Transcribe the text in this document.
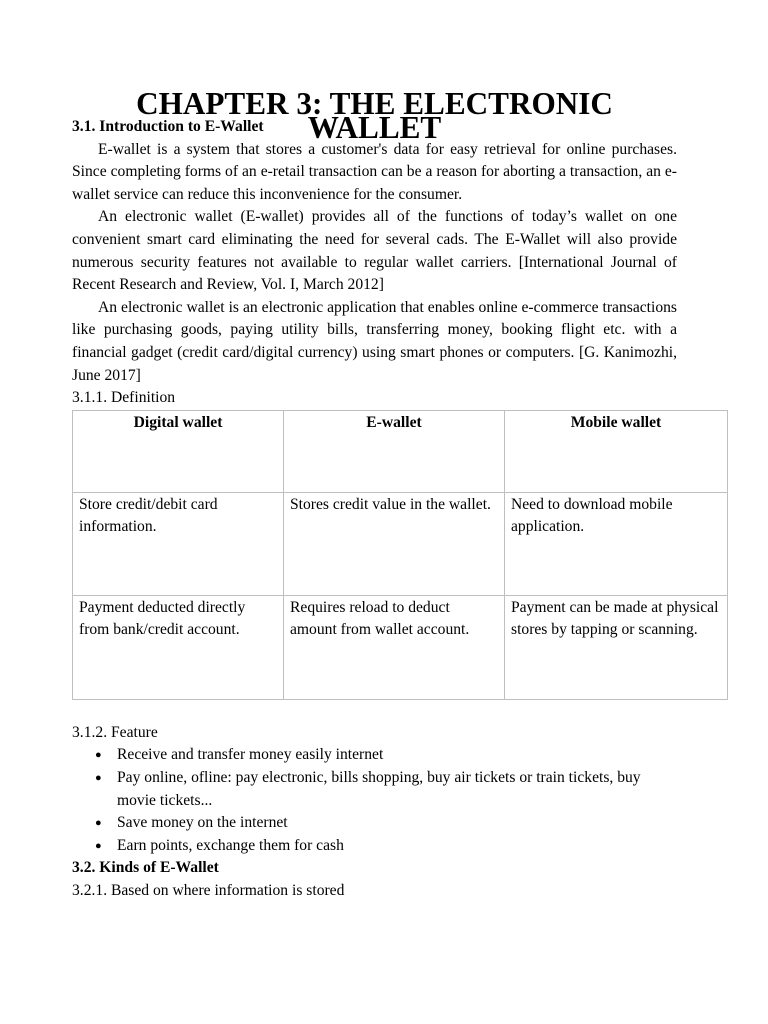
CHAPTER 3: THE ELECTRONIC WALLET

3.1. Introduction to E-Wallet

E-wallet is a system that stores a customer's data for easy retrieval for online purchases. Since completing forms of an e-retail transaction can be a reason for aborting a transaction, an e-wallet service can reduce this inconvenience for the consumer.

An electronic wallet (E-wallet) provides all of the functions of today’s wallet on one convenient smart card eliminating the need for several cads. The E-Wallet will also provide numerous security features not available to regular wallet carriers. [International Journal of Recent Research and Review, Vol. I, March 2012]

An electronic wallet is an electronic application that enables online e-commerce transactions like purchasing goods, paying utility bills, transferring money, booking flight etc. with a financial gadget (credit card/digital currency) using smart phones or computers. [G. Kanimozhi, June 2017]

3.1.1. Definition

Digital wallet	E-wallet	Mobile wallet
Store credit/debit card information.	Stores credit value in the wallet.	Need to download mobile application.
Payment deducted directly from bank/credit account.	Requires reload to deduct amount from wallet account.	Payment can be made at physical stores by tapping or scanning.

3.1.2. Feature

● Receive and transfer money easily internet
● Pay online, ofline: pay electronic, bills shopping, buy air tickets or train tickets, buy movie tickets...
● Save money on the internet
● Earn points, exchange them for cash

3.2. Kinds of E-Wallet

3.2.1. Based on where information is stored
